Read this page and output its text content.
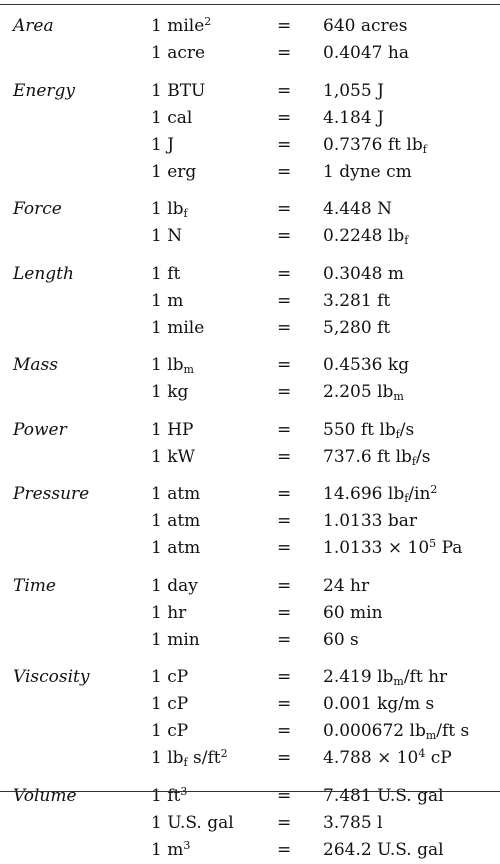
Area	1 mile$^2$	= 640 acres
1 acre	= 0.4047 ha
Energy	1 BTU	= 1,055 J
1 cal	= 4.184 J
1 J	= 0.7376 ft $lb_f$
1 erg	= 1 dyne cm
Force	1 $lb_f$	= 4.448 N
1 N	= 0.2248 $lb_f$
Length	1 ft	= 0.3048 m
1 m	= 3.281 ft
1 mile	= 5,280 ft
Mass	1 $lb_m$	= 0.4536 kg
1 kg	= 2.205 $lb_m$
Power	1 HP	= 550 ft $lb_f/s$
1 kW	= 737.6 ft $lb_f/s$
Pressure	1 atm	= 14.696 $lb_f/in^2$
1 atm	= 1.0133 bar
1 atm	= $1.0133 \times 10^5$ Pa
Time	1 day	= 24 hr
1 hr	= 60 min
1 min	= 60 s
Viscosity	1 cP	= 2.419 $lb_m/ft$ hr
1 cP	= 0.001 kg/m s
1 cP	= 0.000672 $lb_m/ft$ s
1 $lb_f$ $s/ft^2$	= $4.788 \times 10^4$ cP
Volume	1 $ft^3$	= 7.481 U.S. gal
1 U.S. gal	= 3.785 l
1 $m^3$	= 264.2 U.S. gal
